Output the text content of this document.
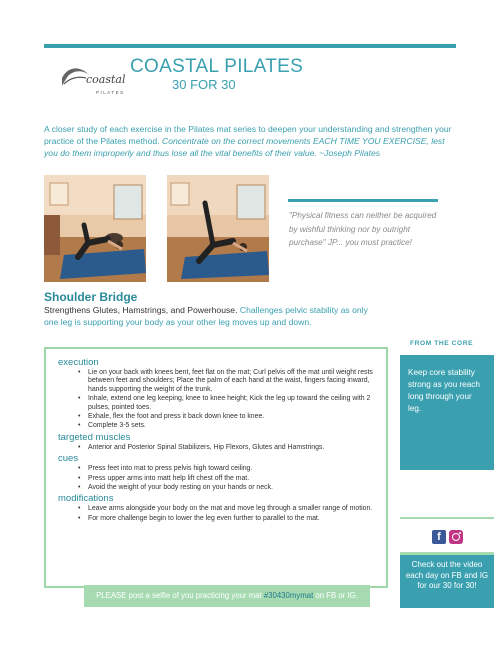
coastal
PILATES
COASTAL PILATES
30 FOR 30

A closer study of each exercise in the Pilates mat series to deepen your understanding and strengthen your practice of the Pilates method. Concentrate on the correct movements EACH TIME YOU EXERCISE, lest you do them improperly and thus lose all the vital benefits of their value. ~Joseph Pilates

"Physical fitness can neither be acquired by wishful thinking nor by outright purchase" JP... you must practice!

Shoulder Bridge

Strengthens Glutes, Hamstrings, and Powerhouse. Challenges pelvic stability as only one leg is supporting your body as your other leg moves up and down.

execution
• Lie on your back with knees bent, feet flat on the mat; Curl pelvis off the mat until weight rests between feet and shoulders; Place the palm of each hand at the waist, fingers facing inward, hands supporting the weight of the trunk.
• Inhale, extend one leg keeping, knee to knee height; Kick the leg up toward the ceiling with 2 pulses, pointed toes.
• Exhale, flex the foot and press it back down knee to knee.
• Complete 3-5 sets.
targeted muscles
• Anterior and Posterior Spinal Stabilizers, Hip Flexors, Glutes and Hamstrings.
cues
• Press feet into mat to press pelvis high toward ceiling.
• Press upper arms into matt help lift chest off the mat.
• Avoid the weight of your body resting on your hands or neck.
modifications
• Leave arms alongside your body on the mat and move leg through a smaller range of motion.
• For more challenge begin to lower the leg even further to parallel to the mat.
PLEASE post a selfie of you practicing your mat #30430mymat on FB or IG.
FROM THE CORE
Keep core stability strong as you reach long through your leg.
f
Check out the video each day on FB and IG for our 30 for 30!
